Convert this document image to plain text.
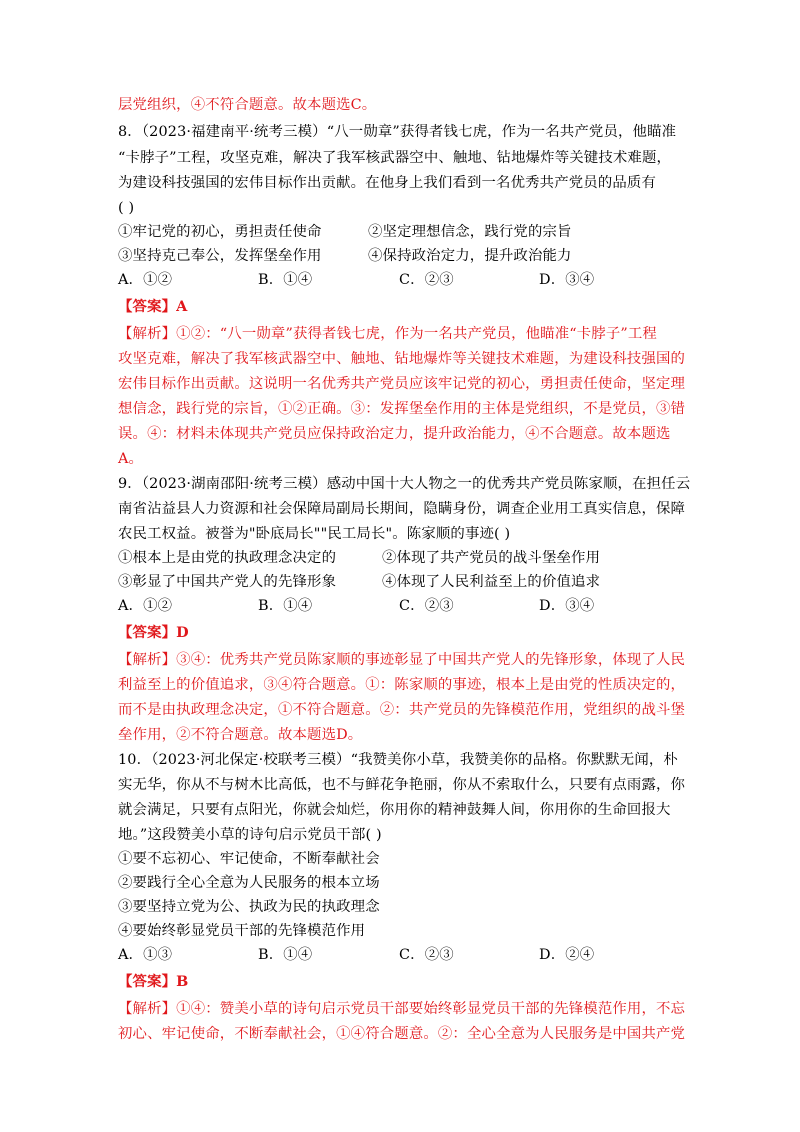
层党组织，④不符合题意。故本题选C。
8．（2023·福建南平·统考三模）“八一勋章”获得者钱七虎，作为一名共产党员，他瞄准
“卡脖子”工程，攻坚克难，解决了我军核武器空中、触地、钻地爆炸等关键技术难题，
为建设科技强国的宏伟目标作出贡献。在他身上我们看到一名优秀共产党员的品质有
( )
①牢记党的初心，勇担责任使命	②坚定理想信念，践行党的宗旨
③坚持克己奉公，发挥堡垒作用	④保持政治定力，提升政治能力
A．①②	B．①④	C．②③	D．③④
【答案】A
【解析】①②：“八一勋章”获得者钱七虎，作为一名共产党员，他瞄准“卡脖子”工程
攻坚克难，解决了我军核武器空中、触地、钻地爆炸等关键技术难题，为建设科技强国的
宏伟目标作出贡献。这说明一名优秀共产党员应该牢记党的初心，勇担责任使命，坚定理
想信念，践行党的宗旨，①②正确。③：发挥堡垒作用的主体是党组织，不是党员，③错
误。④：材料未体现共产党员应保持政治定力，提升政治能力，④不合题意。故本题选
A。
9．（2023·湖南邵阳·统考三模）感动中国十大人物之一的优秀共产党员陈家顺，在担任云
南省沾益县人力资源和社会保障局副局长期间，隐瞒身份，调查企业用工真实信息，保障
农民工权益。被誉为"卧底局长""民工局长"。陈家顺的事迹( )
①根本上是由党的执政理念决定的	②体现了共产党员的战斗堡垒作用
③彰显了中国共产党人的先锋形象	④体现了人民利益至上的价值追求
A．①②	B．①④	C．②③	D．③④
【答案】D
【解析】③④：优秀共产党员陈家顺的事迹彰显了中国共产党人的先锋形象，体现了人民
利益至上的价值追求，③④符合题意。①：陈家顺的事迹，根本上是由党的性质决定的，
而不是由执政理念决定，①不符合题意。②：共产党员的先锋模范作用，党组织的战斗堡
垒作用，②不符合题意。故本题选D。
10．（2023·河北保定·校联考三模）“我赞美你小草，我赞美你的品格。你默默无闻，朴
实无华，你从不与树木比高低，也不与鲜花争艳丽，你从不索取什么，只要有点雨露，你
就会满足，只要有点阳光，你就会灿烂，你用你的精神鼓舞人间，你用你的生命回报大
地。”这段赞美小草的诗句启示党员干部( )
①要不忘初心、牢记使命，不断奉献社会
②要践行全心全意为人民服务的根本立场
③要坚持立党为公、执政为民的执政理念
④要始终彰显党员干部的先锋模范作用
A．①③	B．①④	C．②③	D．②④
【答案】B
【解析】①④：赞美小草的诗句启示党员干部要始终彰显党员干部的先锋模范作用，不忘
初心、牢记使命，不断奉献社会，①④符合题意。②：全心全意为人民服务是中国共产党
